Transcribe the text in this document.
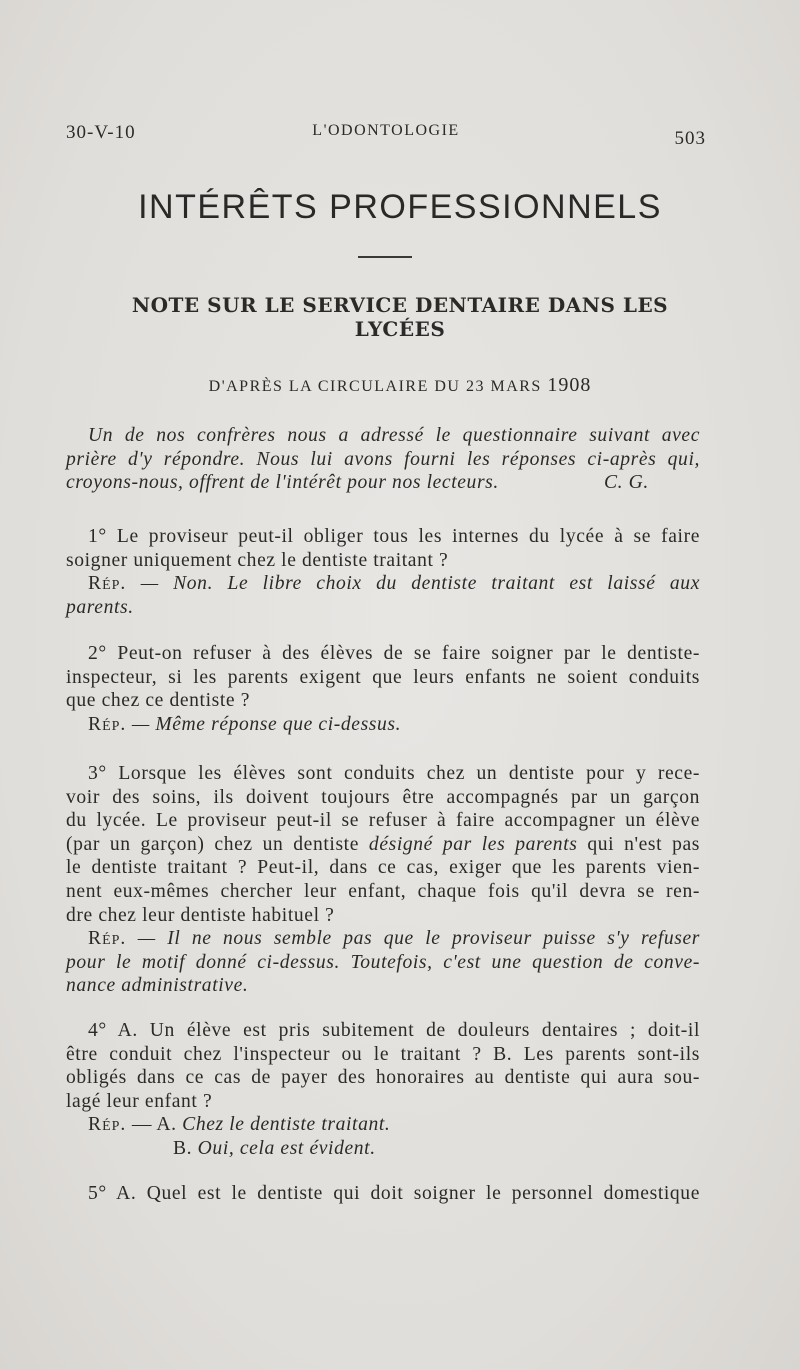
30-V-10	L'ODONTOLOGIE	503
INTÉRÊTS PROFESSIONNELS
NOTE SUR LE SERVICE DENTAIRE DANS LES
LYCÉES
D'APRÈS LA CIRCULAIRE DU 23 MARS 1908
Un de nos confrères nous a adressé le questionnaire suivant avec
prière d'y répondre. Nous lui avons fourni les réponses ci-après qui,
croyons-nous, offrent de l'intérêt pour nos lecteurs.	C. G.
1° Le proviseur peut-il obliger tous les internes du lycée à se faire
soigner uniquement chez le dentiste traitant ?
Rép. — Non. Le libre choix du dentiste traitant est laissé aux
parents.
2° Peut-on refuser à des élèves de se faire soigner par le dentiste-
inspecteur, si les parents exigent que leurs enfants ne soient conduits
que chez ce dentiste ?
Rép. — Même réponse que ci-dessus.
3° Lorsque les élèves sont conduits chez un dentiste pour y rece-
voir des soins, ils doivent toujours être accompagnés par un garçon
du lycée. Le proviseur peut-il se refuser à faire accompagner un élève
(par un garçon) chez un dentiste désigné par les parents qui n'est pas
le dentiste traitant ? Peut-il, dans ce cas, exiger que les parents vien-
nent eux-mêmes chercher leur enfant, chaque fois qu'il devra se ren-
dre chez leur dentiste habituel ?
Rép. — Il ne nous semble pas que le proviseur puisse s'y refuser
pour le motif donné ci-dessus. Toutefois, c'est une question de conve-
nance administrative.
4° A. Un élève est pris subitement de douleurs dentaires ; doit-il
être conduit chez l'inspecteur ou le traitant ? B. Les parents sont-ils
obligés dans ce cas de payer des honoraires au dentiste qui aura sou-
lagé leur enfant ?
Rép. — A. Chez le dentiste traitant.
B. Oui, cela est évident.
5° A. Quel est le dentiste qui doit soigner le personnel domestique
